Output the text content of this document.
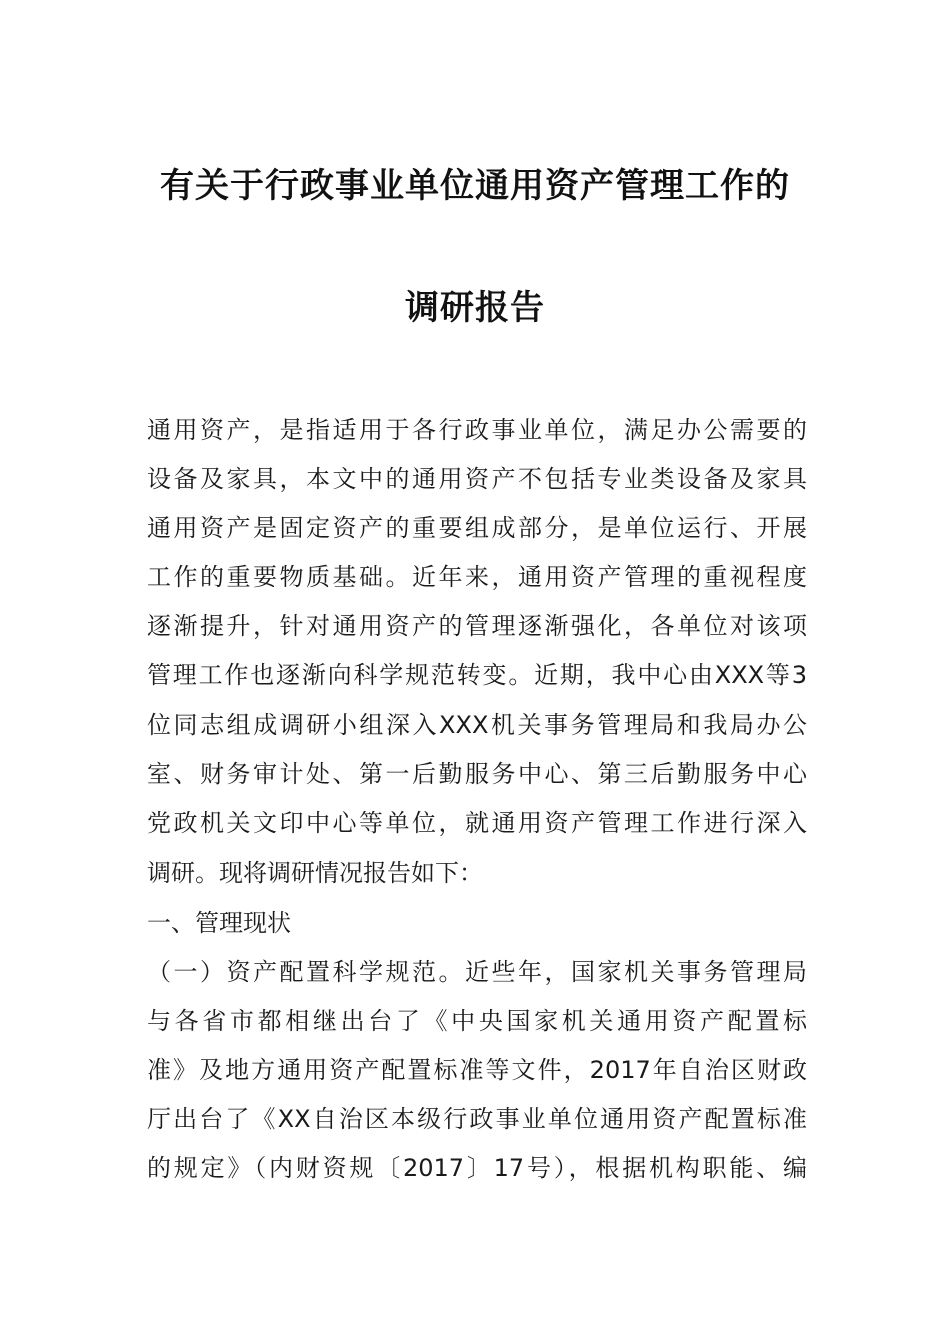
有关于行政事业单位通用资产管理工作的
调研报告
通用资产，是指适用于各行政事业单位，满足办公需要的
设备及家具，本文中的通用资产不包括专业类设备及家具
通用资产是固定资产的重要组成部分，是单位运行、开展
工作的重要物质基础。近年来，通用资产管理的重视程度
逐渐提升，针对通用资产的管理逐渐强化，各单位对该项
管理工作也逐渐向科学规范转变。近期，我中心由XXX等3
位同志组成调研小组深入XXX机关事务管理局和我局办公
室、财务审计处、第一后勤服务中心、第三后勤服务中心
党政机关文印中心等单位，就通用资产管理工作进行深入
调研。现将调研情况报告如下：
一、管理现状
（一）资产配置科学规范。近些年，国家机关事务管理局
与各省市都相继出台了《中央国家机关通用资产配置标
准》及地方通用资产配置标准等文件，2017年自治区财政
厅出台了《XX自治区本级行政事业单位通用资产配置标准
的规定》（内财资规〔2017〕17号），根据机构职能、编
